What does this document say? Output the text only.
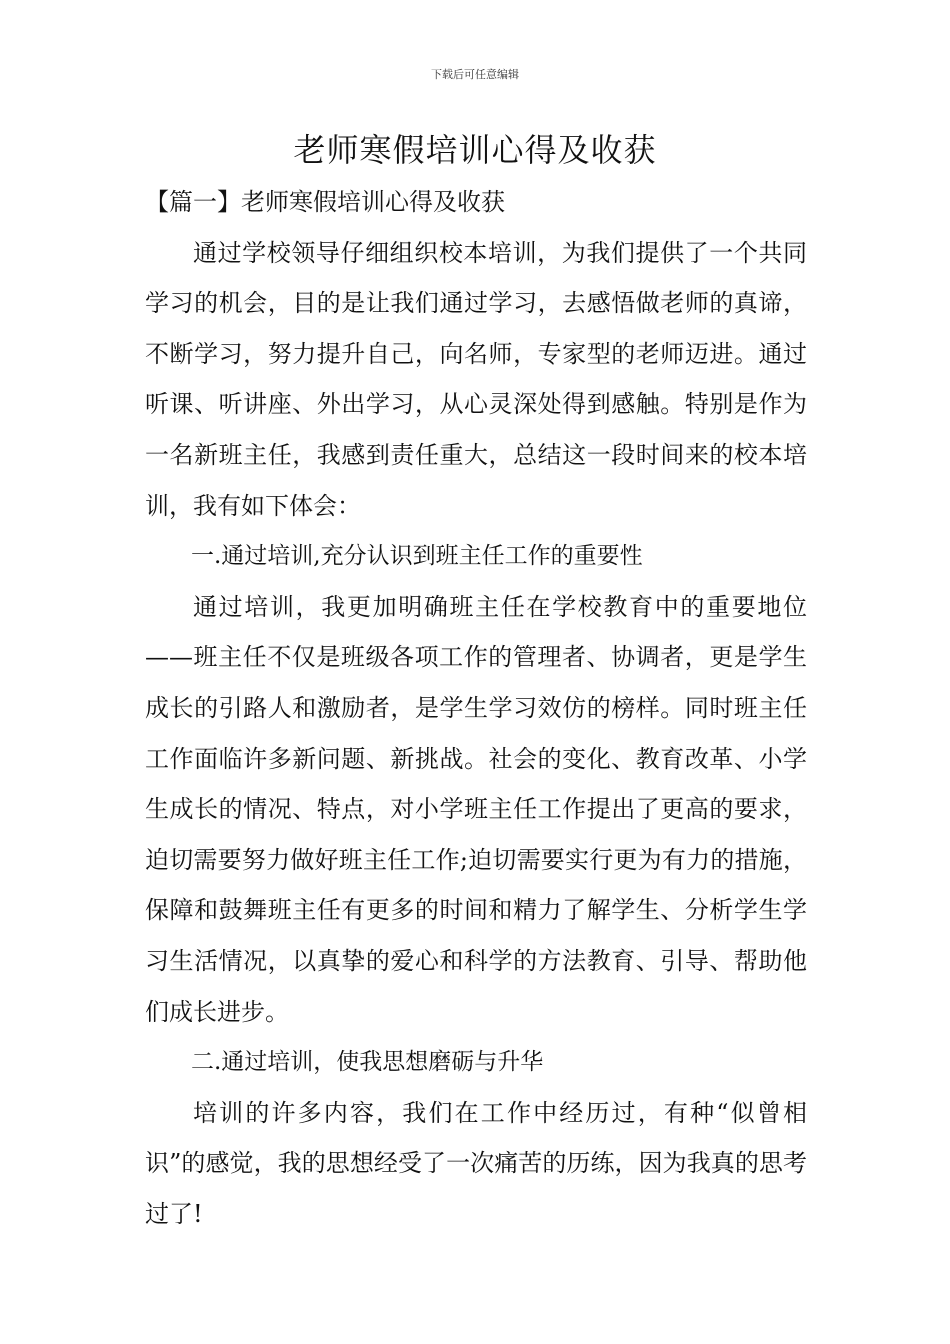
下载后可任意编辑
老师寒假培训心得及收获

【篇一】老师寒假培训心得及收获

通过学校领导仔细组织校本培训，为我们提供了一个共同学习的机会，目的是让我们通过学习，去感悟做老师的真谛，不断学习，努力提升自己，向名师，专家型的老师迈进。通过听课、听讲座、外出学习，从心灵深处得到感触。特别是作为一名新班主任，我感到责任重大，总结这一段时间来的校本培训，我有如下体会：

一.通过培训,充分认识到班主任工作的重要性

通过培训，我更加明确班主任在学校教育中的重要地位——班主任不仅是班级各项工作的管理者、协调者，更是学生成长的引路人和激励者，是学生学习效仿的榜样。同时班主任工作面临许多新问题、新挑战。社会的变化、教育改革、小学生成长的情况、特点，对小学班主任工作提出了更高的要求，迫切需要努力做好班主任工作;迫切需要实行更为有力的措施，保障和鼓舞班主任有更多的时间和精力了解学生、分析学生学习生活情况，以真挚的爱心和科学的方法教育、引导、帮助他们成长进步。

二.通过培训，使我思想磨砺与升华

培训的许多内容，我们在工作中经历过，有种“似曾相识”的感觉，我的思想经受了一次痛苦的历练，因为我真的思考过了!
